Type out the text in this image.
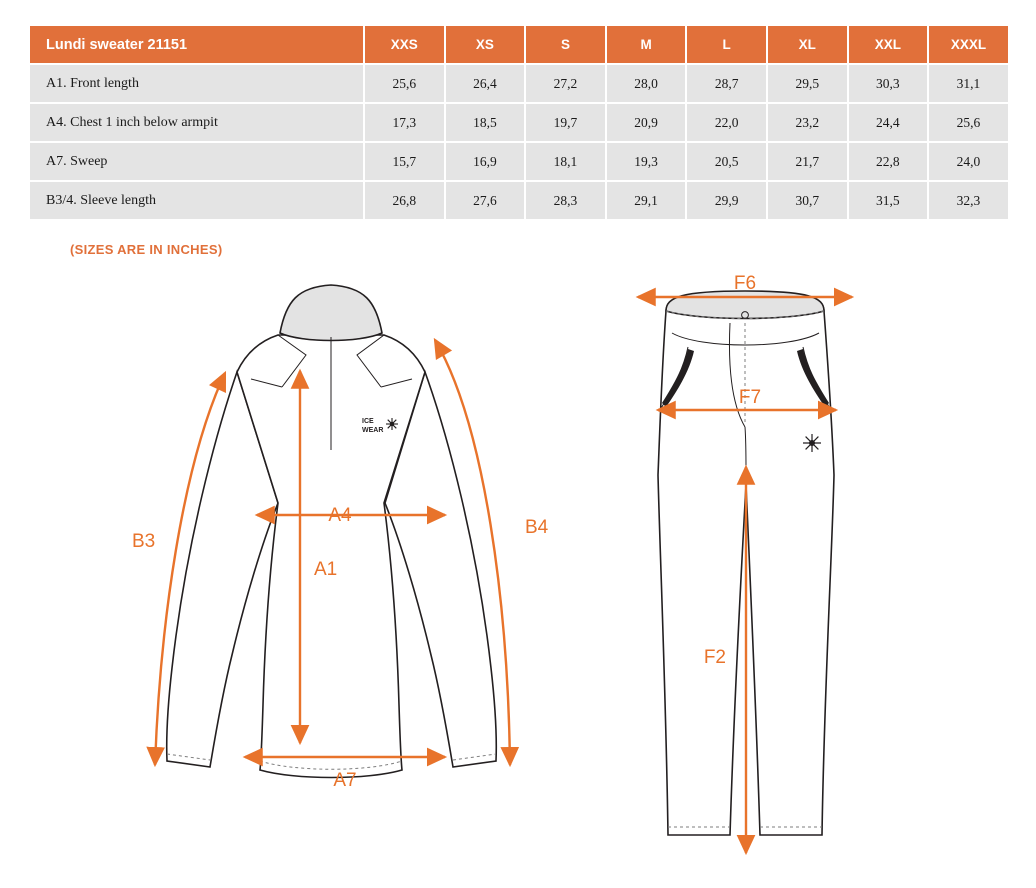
Lundi sweater 21151	XXS	XS	S	M	L	XL	XXL	XXXL
A1. Front length	25,6	26,4	27,2	28,0	28,7	29,5	30,3	31,1
A4. Chest 1 inch below armpit	17,3	18,5	19,7	20,9	22,0	23,2	24,4	25,6
A7. Sweep	15,7	16,9	18,1	19,3	20,5	21,7	22,8	24,0
B3/4. Sleeve length	26,8	27,6	28,3	29,1	29,9	30,7	31,5	32,3
(SIZES ARE IN INCHES)
ICE
WEAR
A4
A1
A7
B3
B4
F6
F7
F2
